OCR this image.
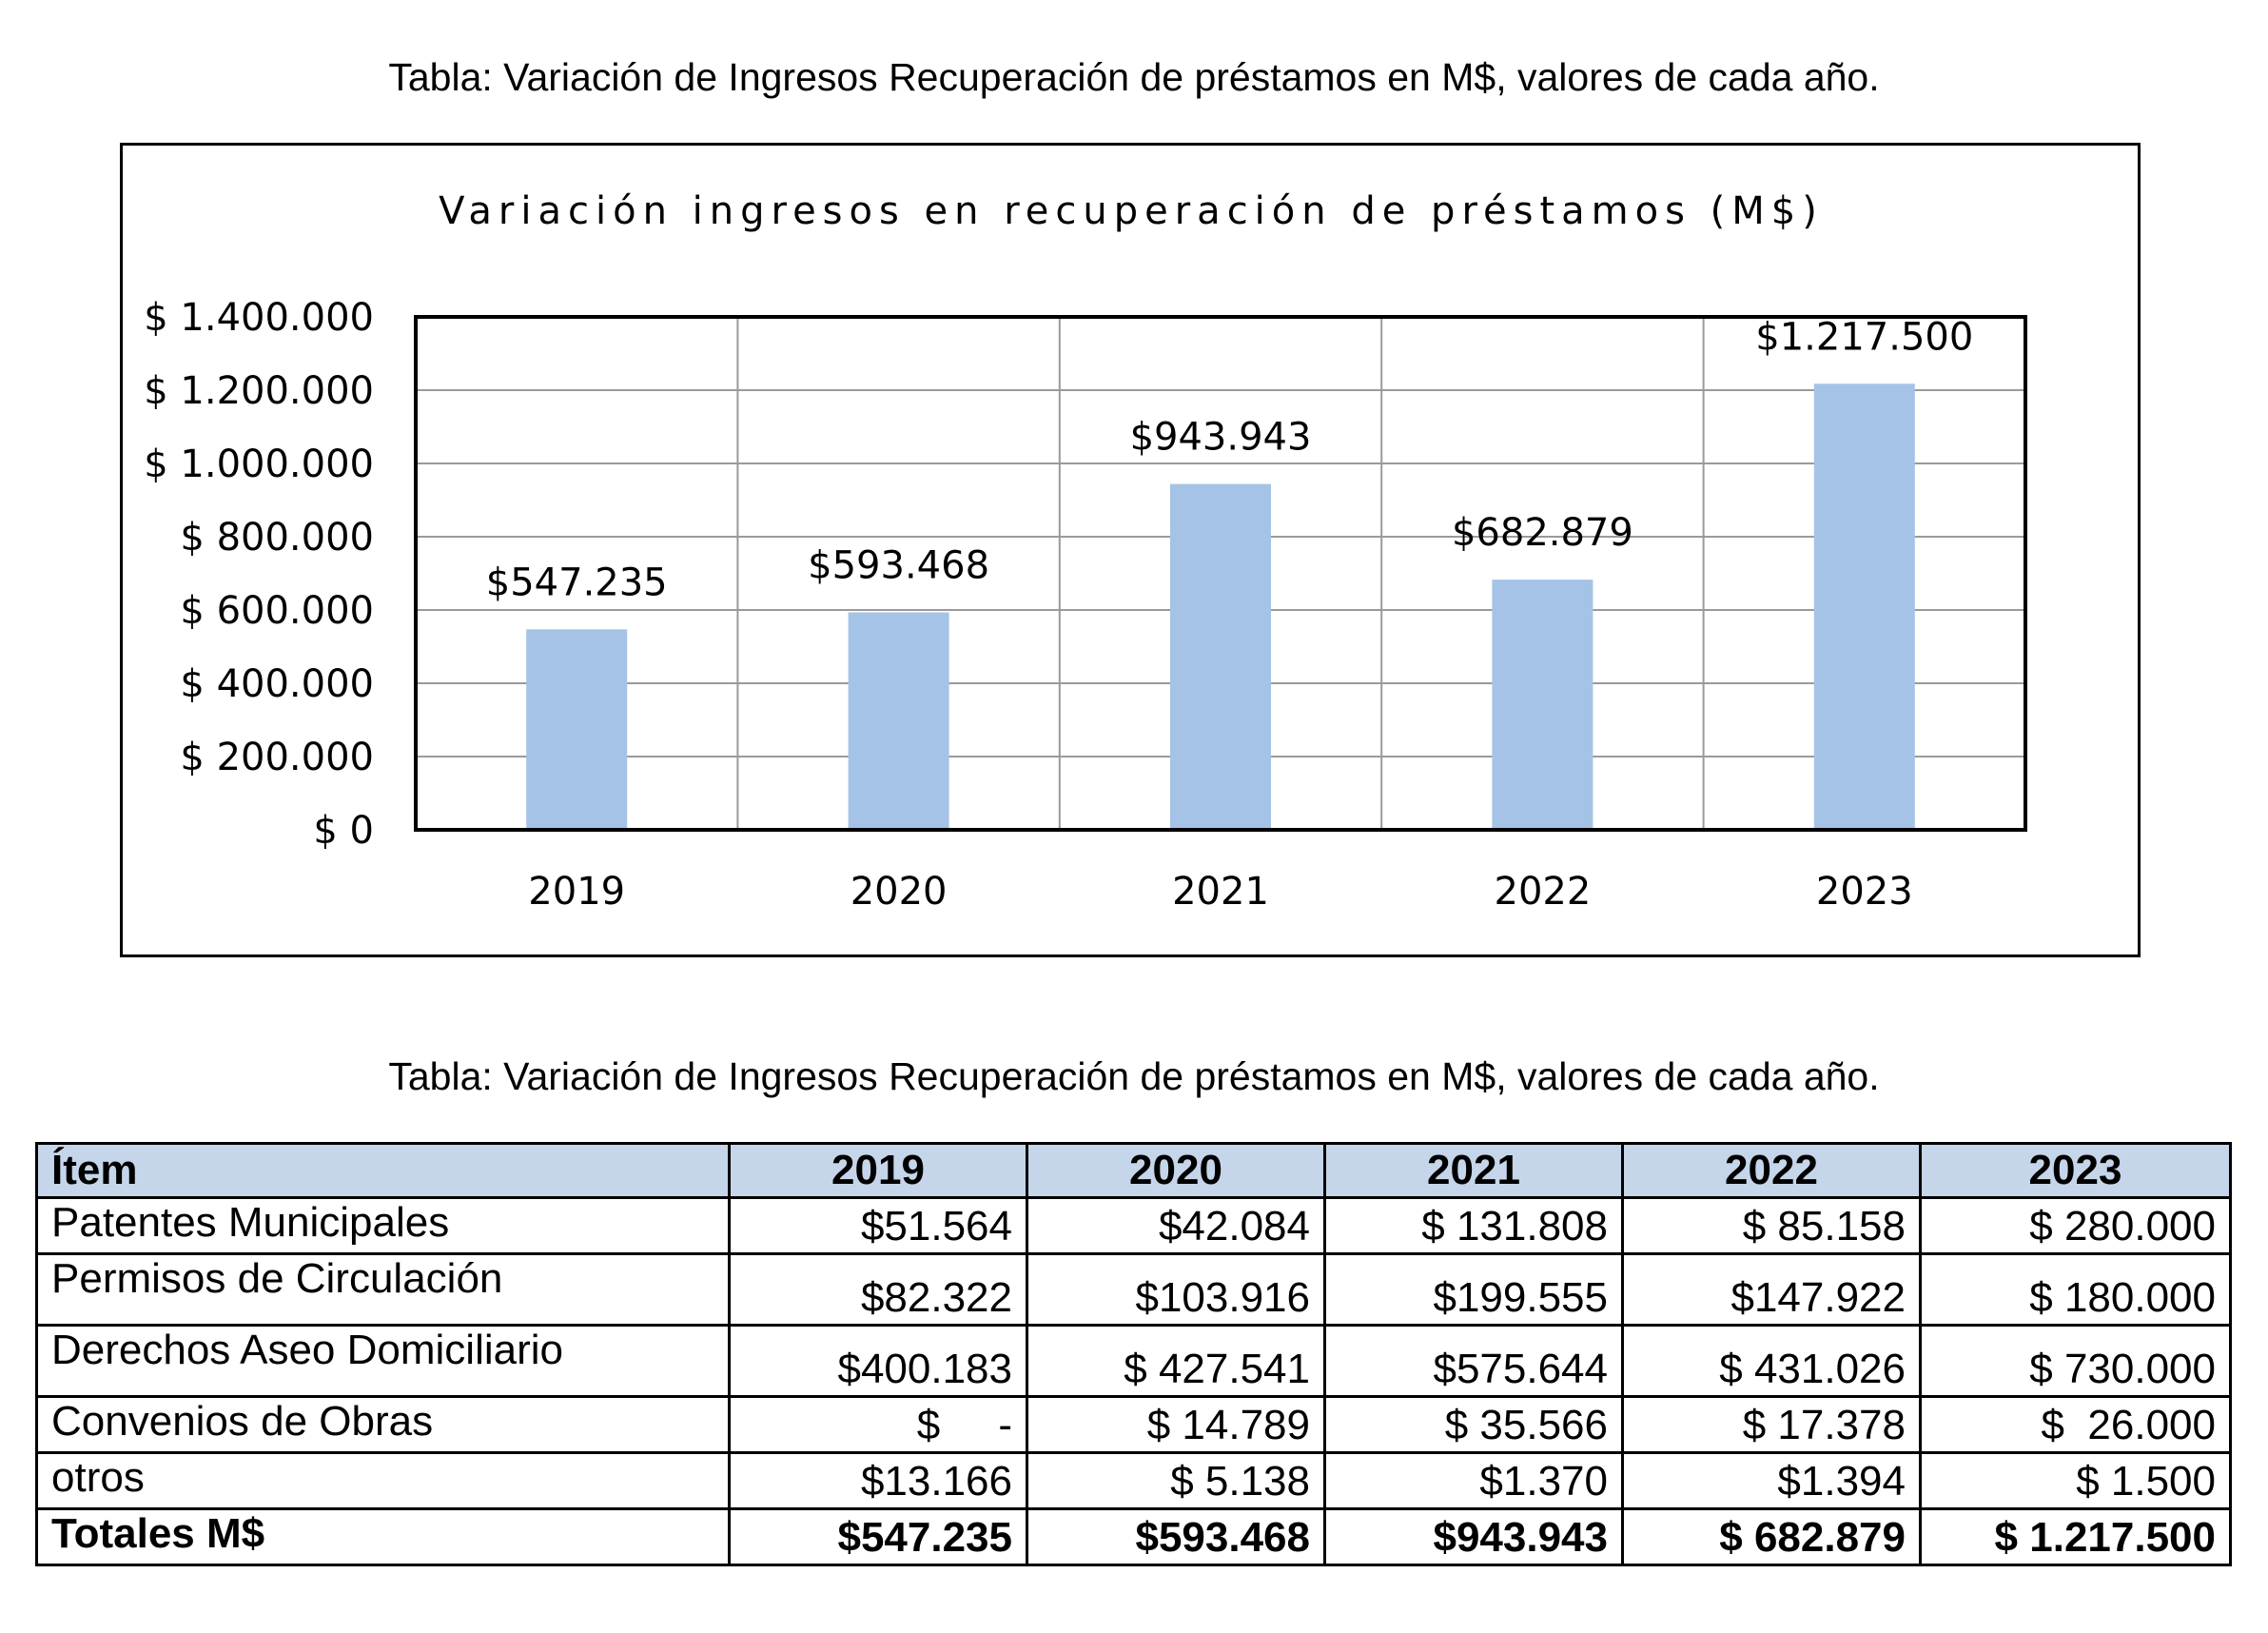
Tabla: Variación de Ingresos Recuperación de préstamos en M$, valores de cada año.
Variación ingresos en recuperación de préstamos (M$)
$547.235	$593.468
$943.943
$682.879
$1.217.500
$ 0
$ 200.000
$ 400.000
$ 600.000
$ 800.000
$ 1.000.000
$ 1.200.000
$ 1.400.000
2019	2020	2021	2022	2023
Tabla: Variación de Ingresos Recuperación de préstamos en M$, valores de cada año.
Ítem	2019	2020	2021	2022	2023
Patentes Municipales	$51.564	$42.084	$ 131.808	$ 85.158	$ 280.000
Permisos de Circulación	$82.322	$103.916	$199.555	$147.922	$ 180.000
Derechos Aseo Domiciliario	$400.183	$ 427.541	$575.644	$ 431.026	$ 730.000
Convenios de Obras	$     -	$ 14.789	$ 35.566	$ 17.378	$  26.000
otros	$13.166	$ 5.138	$1.370	$1.394	$ 1.500
Totales M$	$547.235	$593.468	$943.943	$ 682.879	$ 1.217.500
